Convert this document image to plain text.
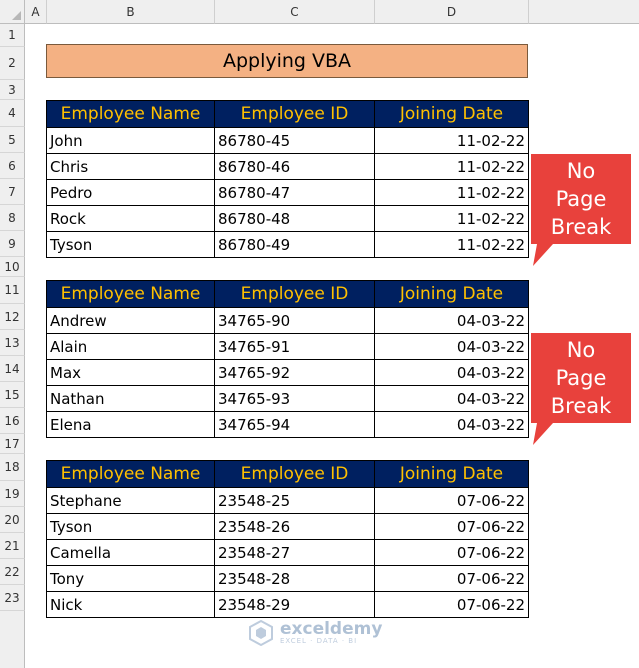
A	B	C	D
1
2
3
4
5
6
7
8
9
10
11
12
13
14
15
16
17
18
19
20
21
22
23
Applying VBA
Employee Name	Employee ID	Joining Date
John	86780-45	11-02-22
Chris	86780-46	11-02-22
Pedro	86780-47	11-02-22
Rock	86780-48	11-02-22
Tyson	86780-49	11-02-22
Employee Name	Employee ID	Joining Date
Andrew	34765-90	04-03-22
Alain	34765-91	04-03-22
Max	34765-92	04-03-22
Nathan	34765-93	04-03-22
Elena	34765-94	04-03-22
Employee Name	Employee ID	Joining Date
Stephane	23548-25	07-06-22
Tyson	23548-26	07-06-22
Camella	23548-27	07-06-22
Tony	23548-28	07-06-22
Nick	23548-29	07-06-22
No
Page
Break
No
Page
Break
exceldemy
EXCEL · DATA · BI
